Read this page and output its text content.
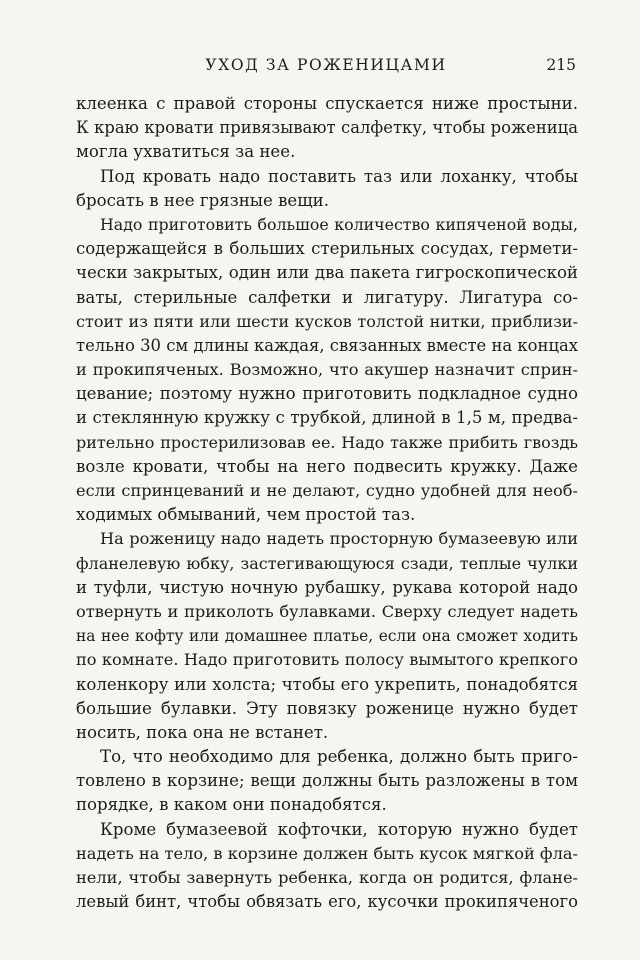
УХОД ЗА РОЖЕНИЦАМИ	215
клеенка с правой стороны спускается ниже простыни.
К краю кровати привязывают салфетку, чтобы роженица
могла ухватиться за нее.
Под кровать надо поставить таз или лоханку, чтобы
бросать в нее грязные вещи.
Надо приготовить большое количество кипяченой воды,
содержащейся в больших стерильных сосудах, гермети-
чески закрытых, один или два пакета гигроскопической
ваты, стерильные салфетки и лигатуру. Лигатура со-
стоит из пяти или шести кусков толстой нитки, приблизи-
тельно 30 см длины каждая, связанных вместе на концах
и прокипяченых. Возможно, что акушер назначит сприн-
цевание; поэтому нужно приготовить подкладное судно
и стеклянную кружку с трубкой, длиной в 1,5 м, предва-
рительно простерилизовав ее. Надо также прибить гвоздь
возле кровати, чтобы на него подвесить кружку. Даже
если спринцеваний и не делают, судно удобней для необ-
ходимых обмываний, чем простой таз.
На роженицу надо надеть просторную бумазеевую или
фланелевую юбку, застегивающуюся сзади, теплые чулки
и туфли, чистую ночную рубашку, рукава которой надо
отвернуть и приколоть булавками. Сверху следует надеть
на нее кофту или домашнее платье, если она сможет ходить
по комнате. Надо приготовить полосу вымытого крепкого
коленкору или холста; чтобы его укрепить, понадобятся
большие булавки. Эту повязку роженице нужно будет
носить, пока она не встанет.
То, что необходимо для ребенка, должно быть приго-
товлено в корзине; вещи должны быть разложены в том
порядке, в каком они понадобятся.
Кроме бумазеевой кофточки, которую нужно будет
надеть на тело, в корзине должен быть кусок мягкой фла-
нели, чтобы завернуть ребенка, когда он родится, флане-
левый бинт, чтобы обвязать его, кусочки прокипяченого
